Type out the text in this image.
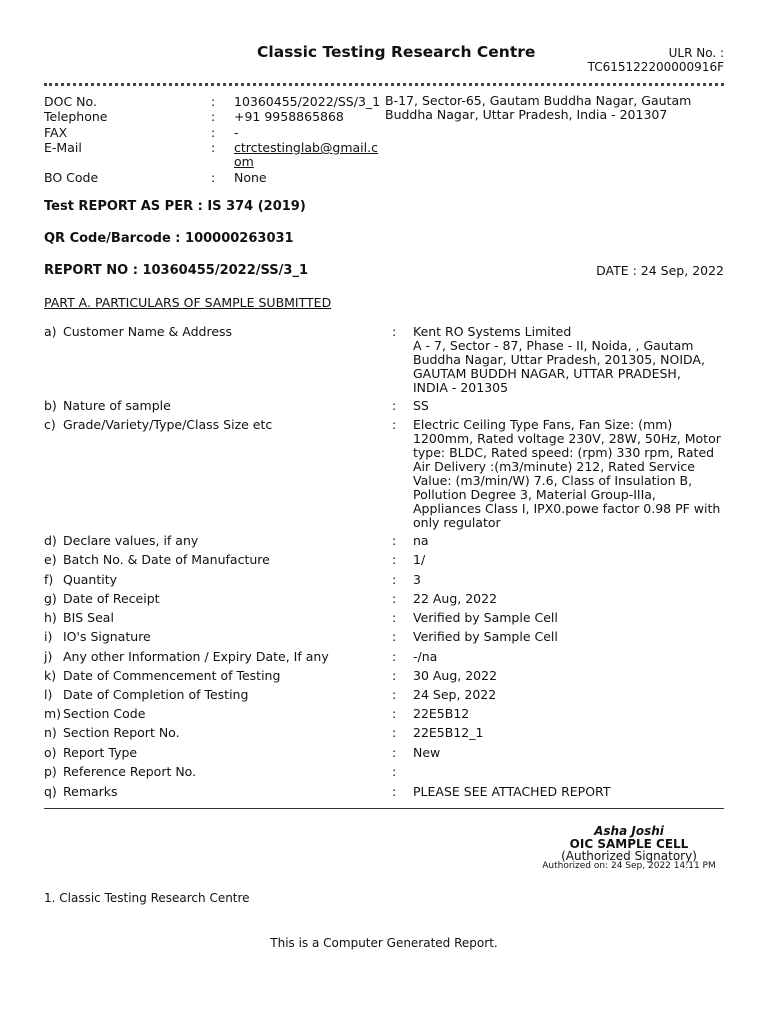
Classic Testing Research Centre	ULR No. :
TC615122200000916F
DOC No.	: 10360455/2022/SS/3_1
Telephone	: +91 9958865868
FAX	: -
E-Mail	: ctrctestinglab@gmail.com
BO Code	: None
B-17, Sector-65, Gautam Buddha Nagar, Gautam Buddha Nagar, Uttar Pradesh, India - 201307
Test REPORT AS PER : IS 374 (2019)
QR Code/Barcode : 100000263031
REPORT NO : 10360455/2022/SS/3_1	DATE : 24 Sep, 2022
PART A. PARTICULARS OF SAMPLE SUBMITTED
a) Customer Name & Address	: Kent RO Systems Limited
A - 7, Sector - 87, Phase - II, Noida, , Gautam Buddha Nagar, Uttar Pradesh, 201305, NOIDA, GAUTAM BUDDH NAGAR, UTTAR PRADESH, INDIA - 201305
b) Nature of sample	: SS
c) Grade/Variety/Type/Class Size etc	: Electric Ceiling Type Fans, Fan Size: (mm) 1200mm, Rated voltage 230V, 28W, 50Hz, Motor type: BLDC, Rated speed: (rpm) 330 rpm, Rated Air Delivery :(m3/minute) 212, Rated Service Value: (m3/min/W) 7.6, Class of Insulation B, Pollution Degree 3, Material Group-IIIa, Appliances Class I, IPX0.powe factor 0.98 PF with only regulator
d) Declare values, if any	: na
e) Batch No. & Date of Manufacture	: 1/
f) Quantity	: 3
g) Date of Receipt	: 22 Aug, 2022
h) BIS Seal	: Verified by Sample Cell
i) IO's Signature	: Verified by Sample Cell
j) Any other Information / Expiry Date, If any	: -/na
k) Date of Commencement of Testing	: 30 Aug, 2022
l) Date of Completion of Testing	: 24 Sep, 2022
m) Section Code	: 22E5B12
n) Section Report No.	: 22E5B12_1
o) Report Type	: New
p) Reference Report No.	:
q) Remarks	: PLEASE SEE ATTACHED REPORT
Asha Joshi
OIC SAMPLE CELL
(Authorized Signatory)
Authorized on: 24 Sep, 2022 14:11 PM
1. Classic Testing Research Centre
This is a Computer Generated Report.
